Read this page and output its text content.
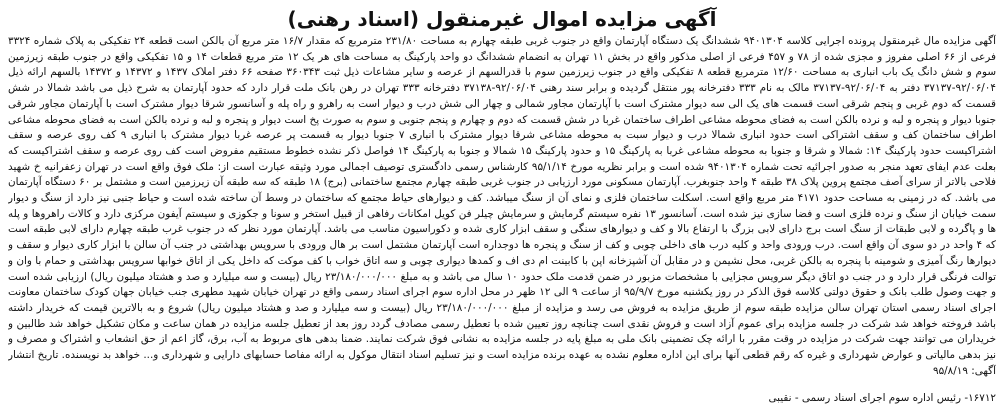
آگهی مزایده اموال غیرمنقول (اسناد رهنی)

آگهی مزایده مال غیرمنقول پرونده اجرایی کلاسه ۹۴۰۱۳۰۴ ششدانگ یک دستگاه آپارتمان واقع در جنوب غربی طبقه چهارم به مساحت ۲۳۱/۸۰ مترمربع که مقدار ۱۶/۷ متر مربع آن بالکن است قطعه ۲۴ تفکیکی به پلاک شماره ۳۳۲۴ فرعی از ۶۶ اصلی مفروز و مجزی شده از ۷۸ و ۴۵۷ فرعی از اصلی مذکور واقع در بخش ۱۱ تهران به انضمام ششدانگ دو واحد پارکینگ به مساحت های هر یک ۱۲ متر مربع قطعات ۱۴ و ۱۵ تفکیکی واقع در جنوب طبقه زیرزمین سوم و شش دانگ یک باب انباری به مساحت ۱۲/۶۰ مترمربع قطعه ۸ تفکیکی واقع در جنوب زیرزمین سوم با قدرالسهم از عرصه و سایر مشاعات ذیل ثبت ۳۶۰۳۴۳ صفحه ۶۶ دفتر املاک ۱۴۳۷ و ۱۴۳۷۲ و ۱۴۳۷۲ بالسهم ارائه ذیل ۹۲/۰۶/۰۴-۳۷۱۳۷ دفتر به ۹۲/۰۶/۰۴-۳۷۱۳۷ مالک به نام ۳۳۳ دفترخانه پور منتقل گردیده و برابر سند رهنی ۹۲/۰۶/۰۴-۳۷۱۳۸ دفترخانه ۳۳۳ تهران در رهن بانک ملت قرار دارد که حدود آپارتمان به شرح ذیل می باشد شمالا در شش قسمت که دوم غربی و پنجم شرقی است قسمت های یک الی سه دیوار مشترک است با آپارتمان مجاور شمالی و چهار الی شش درب و دیوار است به راهرو و راه پله و آسانسور شرقا دیوار مشترک است با آپارتمان مجاور شرقی جنوبا دیوار و پنجره و لبه و نرده بالکن است به فضای محوطه مشاعی اطراف ساختمان غربا در شش قسمت که دوم و چهارم و پنجم جنوبی و سوم به صورت پخ است دیوار و پنجره و لبه و نرده بالکن است به فضای محوطه مشاعی اطراف ساختمان کف و سقف اشتراکی است حدود انباری شمالا درب و دیوار سبت به محوطه مشاعی شرقا دیوار مشترک با انباری ۷ جنوبا دیوار به قسمت پر عرصه غربا دیوار مشترک با انباری ۹ کف روی عرصه و سقف اشتراکیست حدود پارکینگ ۱۴: شمالا و شرقا و جنوبا به محوطه مشاعی غربا به پارکینگ ۱۵ و حدود پارکینگ ۱۵ شمالا و جنوبا به پارکینگ ۱۴ فواصل ذکر نشده خطوط مستقیم مفروض است کف روی عرصه و سقف اشتراکیست که بعلت عدم ایفای تعهد منجر به صدور اجرائیه تحت شماره ۹۴۰۱۳۰۴ شده است و برابر نظریه مورخ ۹۵/۱/۱۴ کارشناس رسمی دادگستری توصیف اجمالی مورد وثیقه عبارت است از: ملک فوق واقع است در تهران زعفرانیه خ شهید فلاحی بالاتر از سرای آصف مجتمع پروین پلاک ۳۸ طبقه ۴ واحد جنوبغرب. آپارتمان مسکونی مورد ارزیابی در جنوب غربی طبقه چهارم مجتمع ساختمانی (برج) ۱۸ طبقه که سه طبقه آن زیرزمین است و مشتمل بر ۶۰ دستگاه آپارتمان می باشد. که در زمینی به مساحت حدود ۴۱۷۱ متر مربع واقع است. اسکلت ساختمان فلزی و نمای آن از سنگ میباشد. کف و دیوارهای حیاط مجتمع که ساختمان در وسط آن ساخته شده است و حیاط جنبی نیز دارد از سنگ و دیوار سمت خیابان از سنگ و نرده فلزی است و فضا سازی نیز شده است. آسانسور ۱۳ نفره سیستم گرمایش و سرمایش چیلر فن کویل امکانات رفاهی از قبیل استخر و سونا و جکوزی و سیستم آیفون مرکزی دارد و کالات راهروها و پله ها و پاگرده و لابی طبقات از سنگ است برج دارای لابی بزرگ با ارتفاع بالا و کف و دیوارهای سنگی و سقف ابزار کاری شده و دکوراسیون مناسب می باشد. آپارتمان مورد نظر که در جنوب غرب طبقه چهارم دارای لابی طبقه است که ۴ واحد در دو سوی آن واقع است. درب ورودی واحد و کلیه درب های داخلی چوبی و کف از سنگ و پنجره ها دوجداره است آپارتمان مشتمل است بر هال ورودی با سرویس بهداشتی در جنب آن سالن با ابزار کاری دیوار و سقف و دیوارها رنگ آمیزی و شومینه با پنجره به بالکن غربی، محل نشیمن و در مقابل آن آشپزخانه اپن با کابینت ام دی اف و کمدها دیواری چوبی و سه اتاق خواب با کف موکت که داخل یکی از اتاق خوابها سرویس بهداشتی و حمام با وان و توالت فرنگی قرار دارد و در جنب دو اتاق دیگر سرویس مجزایی با مشخصات مزبور در ضمن قدمت ملک حدود ۱۰ سال می باشد و به مبلغ ۲۳/۱۸۰/۰۰۰/۰۰۰ ریال (بیست و سه میلیارد و صد و هشتاد میلیون ریال) ارزیابی شده است و جهت وصول طلب بانک و حقوق دولتی کلاسه فوق الذکر در روز یکشنبه مورخ ۹۵/۹/۷ از ساعت ۹ الی ۱۲ ظهر در محل اداره سوم اجرای اسناد رسمی واقع در تهران خیابان شهید مطهری جنب خیابان جهان کودک ساختمان معاونت اجرای اسناد رسمی استان تهران سالن مزایده طبقه سوم از طریق مزایده به فروش می رسد و مزایده از مبلغ ۲۳/۱۸۰/۰۰۰/۰۰۰ ریال (بیست و سه میلیارد و صد و هشتاد میلیون ریال) شروع و به بالاترین قیمت که خریدار داشته باشد فروخته خواهد شد شرکت در جلسه مزایده برای عموم آزاد است و فروش نقدی است چنانچه روز تعیین شده با تعطیل رسمی مصادف گردد روز بعد از تعطیل جلسه مزایده در همان ساعت و مکان تشکیل خواهد شد طالبین و خریداران می توانند جهت شرکت در مزایده در وقت مقرر با ارائه چک تضمینی بانک ملی به مبلغ پایه در جلسه مزایده به نشانی فوق شرکت نمایند. ضمنا بدهی های مربوط به آب، برق، گاز اعم از حق انشعاب و اشتراک و مصرف و نیز بدهی مالیاتی و عوارض شهرداری و غیره که رقم قطعی آنها برای این اداره معلوم نشده به عهده برنده مزایده است و نیز تسلیم اسناد انتقال موکول به ارائه مفاصا حسابهای دارایی و شهرداری و... خواهد بد نویسنده. تاریخ انتشار آگهی: ۹۵/۸/۱۹

۱۶۷۱۲- رئیس اداره سوم اجرای اسناد رسمی - نقیبی
